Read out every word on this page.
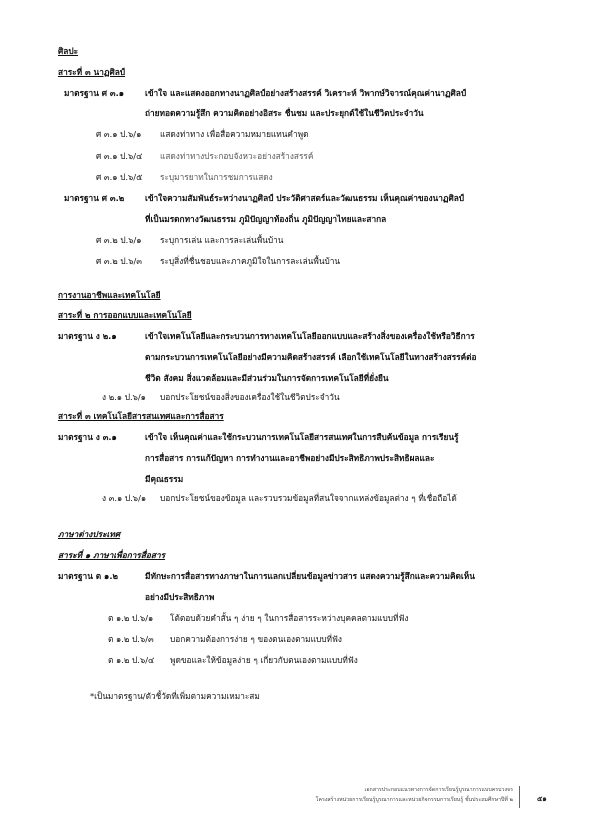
ศิลปะ
สาระที่ ๓ นาฏศิลป์
มาตรฐาน ศ ๓.๑	เข้าใจ และแสดงออกทางนาฏศิลป์อย่างสร้างสรรค์ วิเคราะห์ วิพากษ์วิจารณ์คุณค่านาฏศิลป์
ถ่ายทอดความรู้สึก ความคิดอย่างอิสระ ชื่นชม และประยุกต์ใช้ในชีวิตประจำวัน
ศ ๓.๑ ป.๖/๑ แสดงท่าทาง เพื่อสื่อความหมายแทนคำพูด
ศ ๓.๑ ป.๖/๔ แสดงท่าทางประกอบจังหวะอย่างสร้างสรรค์
ศ ๓.๑ ป.๖/๕ ระบุมารยาทในการชมการแสดง
มาตรฐาน ศ ๓.๒	เข้าใจความสัมพันธ์ระหว่างนาฏศิลป์ ประวัติศาสตร์และวัฒนธรรม เห็นคุณค่าของนาฏศิลป์
ที่เป็นมรดกทางวัฒนธรรม ภูมิปัญญาท้องถิ่น ภูมิปัญญาไทยและสากล
ศ ๓.๒ ป.๖/๑ ระบุการเล่น และการละเล่นพื้นบ้าน
ศ ๓.๒ ป.๖/๓ ระบุสิ่งที่ชื่นชอบและภาคภูมิใจในการละเล่นพื้นบ้าน
การงานอาชีพและเทคโนโลยี
สาระที่ ๒ การออกแบบและเทคโนโลยี
มาตรฐาน ง ๒.๑	เข้าใจเทคโนโลยีและกระบวนการทางเทคโนโลยีออกแบบและสร้างสิ่งของเครื่องใช้หรือวิธีการ
ตามกระบวนการเทคโนโลยีอย่างมีความคิดสร้างสรรค์ เลือกใช้เทคโนโลยีในทางสร้างสรรค์ต่อ
ชีวิต สังคม สิ่งแวดล้อมและมีส่วนร่วมในการจัดการเทคโนโลยีที่ยั่งยืน
ง ๒.๑ ป.๖/๑ บอกประโยชน์ของสิ่งของเครื่องใช้ในชีวิตประจำวัน
สาระที่ ๓ เทคโนโลยีสารสนเทศและการสื่อสาร
มาตรฐาน ง ๓.๑	เข้าใจ เห็นคุณค่าและใช้กระบวนการเทคโนโลยีสารสนเทศในการสืบค้นข้อมูล การเรียนรู้
การสื่อสาร การแก้ปัญหา การทำงานและอาชีพอย่างมีประสิทธิภาพประสิทธิผลและ
มีคุณธรรม
ง ๓.๑ ป.๖/๑ บอกประโยชน์ของข้อมูล และรวบรวมข้อมูลที่สนใจจากแหล่งข้อมูลต่าง ๆ ที่เชื่อถือได้
ภาษาต่างประเทศ
สาระที่ ๑ ภาษาเพื่อการสื่อสาร
มาตรฐาน ต ๑.๒	มีทักษะการสื่อสารทางภาษาในการแลกเปลี่ยนข้อมูลข่าวสาร แสดงความรู้สึกและความคิดเห็น
อย่างมีประสิทธิภาพ
ต ๑.๒ ป.๖/๑ โต้ตอบด้วยคำสั้น ๆ ง่าย ๆ ในการสื่อสารระหว่างบุคคลตามแบบที่ฟัง
ต ๑.๒ ป.๖/๓ บอกความต้องการง่าย ๆ ของตนเองตามแบบที่ฟัง
ต ๑.๒ ป.๖/๔ พูดขอและให้ข้อมูลง่าย ๆ เกี่ยวกับตนเองตามแบบที่ฟัง
*เป็นมาตรฐาน/ตัวชี้วัดที่เพิ่มตามความเหมาะสม
เอกสารประกอบแนวทางการจัดการเรียนรู้บูรณาการแบบครบวงจร
โครงสร้างหน่วยการเรียนรู้บูรณาการและหน่วยกิจกรรมการเรียนรู้ ชั้นประถมศึกษาปีที่ ๒	๕๑
